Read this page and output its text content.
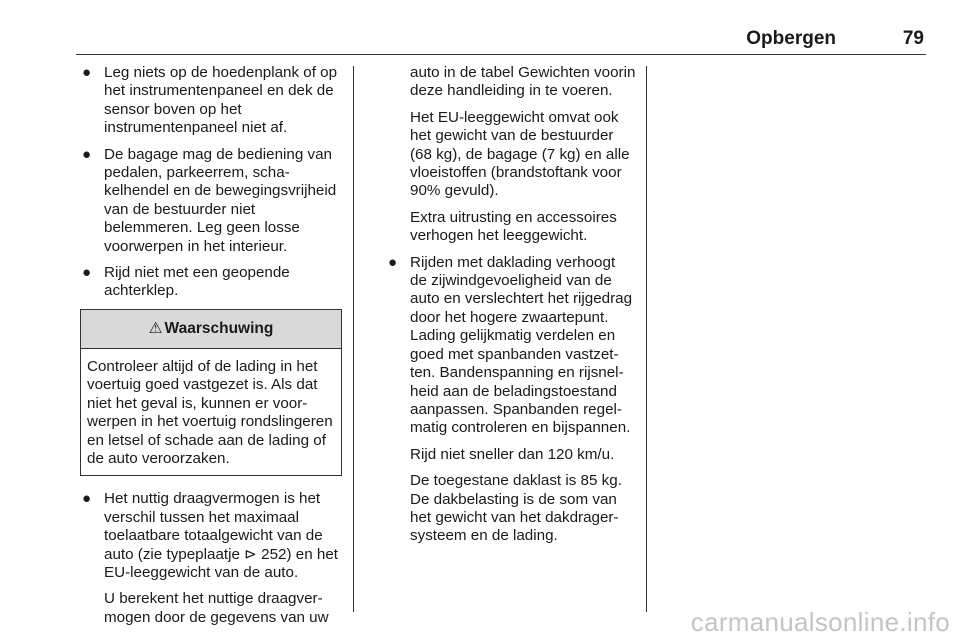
Opbergen	79
● Leg niets op de hoedenplank of op het instrumentenpaneel en dek de sensor boven op het instrumentenpaneel niet af.
● De bagage mag de bediening van pedalen, parkeerrem, schakelhendel en de bewegingsvrijheid van de bestuurder niet belemmeren. Leg geen losse voorwerpen in het interieur.
● Rijd niet met een geopende achterklep.
⚠ Waarschuwing
Controleer altijd of de lading in het voertuig goed vastgezet is. Als dat niet het geval is, kunnen er voorwerpen in het voertuig rondslingeren en letsel of schade aan de lading of de auto veroorzaken.
● Het nuttig draagvermogen is het verschil tussen het maximaal toelaatbare totaalgewicht van de auto (zie typeplaatje ⊳ 252) en het EU-leeggewicht van de auto.

U berekent het nuttige draagvermogen door de gegevens van uw

auto in de tabel Gewichten voorin deze handleiding in te voeren.

Het EU-leeggewicht omvat ook het gewicht van de bestuurder (68 kg), de bagage (7 kg) en alle vloeistoffen (brandstoftank voor 90% gevuld).

Extra uitrusting en accessoires verhogen het leeggewicht.

● Rijden met daklading verhoogt de zijwindgevoeligheid van de auto en verslechtert het rijgedrag door het hogere zwaartepunt. Lading gelijkmatig verdelen en goed met spanbanden vastzetten. Bandenspanning en rijsnelheid aan de beladingstoestand aanpassen. Spanbanden regelmatig controleren en bijspannen.

Rijd niet sneller dan 120 km/u.

De toegestane daklast is 85 kg. De dakbelasting is de som van het gewicht van het dakdragersysteem en de lading.

carmanualsonline.info
